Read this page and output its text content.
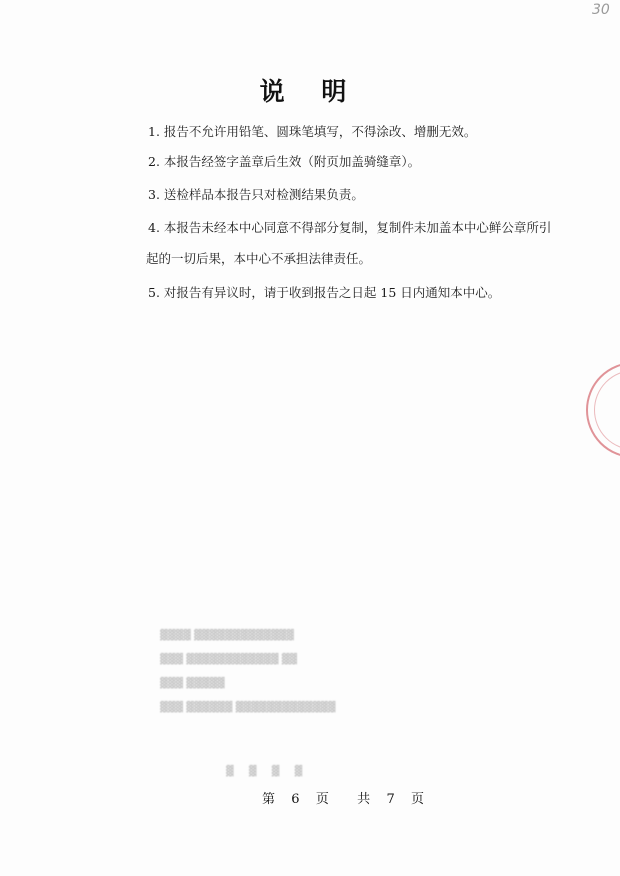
30
说 明
1. 报告不允许用铅笔、圆珠笔填写，不得涂改、增删无效。
2. 本报告经签字盖章后生效（附页加盖骑缝章）。
3. 送检样品本报告只对检测结果负责。
4. 本报告未经本中心同意不得部分复制，复制件未加盖本中心鲜公章所引
起的一切后果，本中心不承担法律责任。
5. 对报告有异议时，请于收到报告之日起 15 日内通知本中心。
▓▓▓▓ ▓▓▓▓▓▓▓▓▓▓▓▓▓
▓▓▓ ▓▓▓▓▓▓▓▓▓▓▓▓ ▓▓
▓▓▓ ▓▓▓▓▓
▓▓▓ ▓▓▓▓▓▓ ▓▓▓▓▓▓▓▓▓▓▓▓▓
▓ ▓ ▓ ▓
第 6 页 共 7 页
